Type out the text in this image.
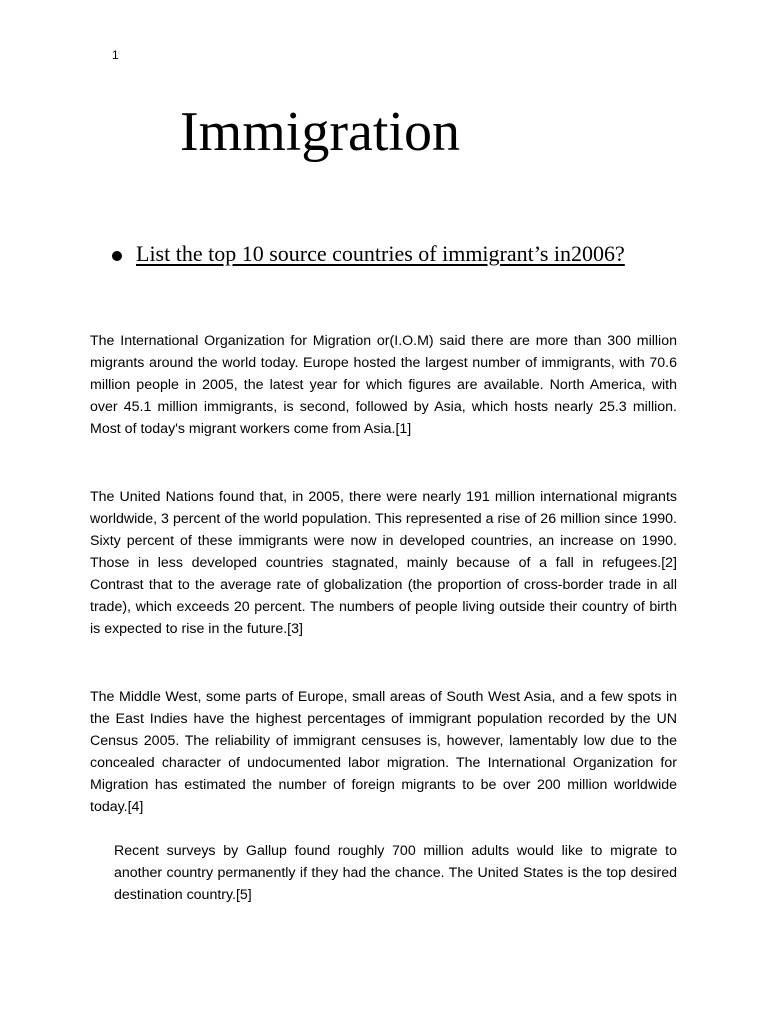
1
Immigration
List the top 10 source countries of immigrant’s in2006?

The International Organization for Migration or(I.O.M) said there are more than 300 million migrants around the world today. Europe hosted the largest number of immigrants, with 70.6 million people in 2005, the latest year for which figures are available. North America, with over 45.1 million immigrants, is second, followed by Asia, which hosts nearly 25.3 million. Most of today's migrant workers come from Asia.[1]

The United Nations found that, in 2005, there were nearly 191 million international migrants worldwide, 3 percent of the world population. This represented a rise of 26 million since 1990. Sixty percent of these immigrants were now in developed countries, an increase on 1990. Those in less developed countries stagnated, mainly because of a fall in refugees.[2] Contrast that to the average rate of globalization (the proportion of cross-border trade in all trade), which exceeds 20 percent. The numbers of people living outside their country of birth is expected to rise in the future.[3]

The Middle West, some parts of Europe, small areas of South West Asia, and a few spots in the East Indies have the highest percentages of immigrant population recorded by the UN Census 2005. The reliability of immigrant censuses is, however, lamentably low due to the concealed character of undocumented labor migration. The International Organization for Migration has estimated the number of foreign migrants to be over 200 million worldwide today.[4]

Recent surveys by Gallup found roughly 700 million adults would like to migrate to another country permanently if they had the chance. The United States is the top desired destination country.[5]
